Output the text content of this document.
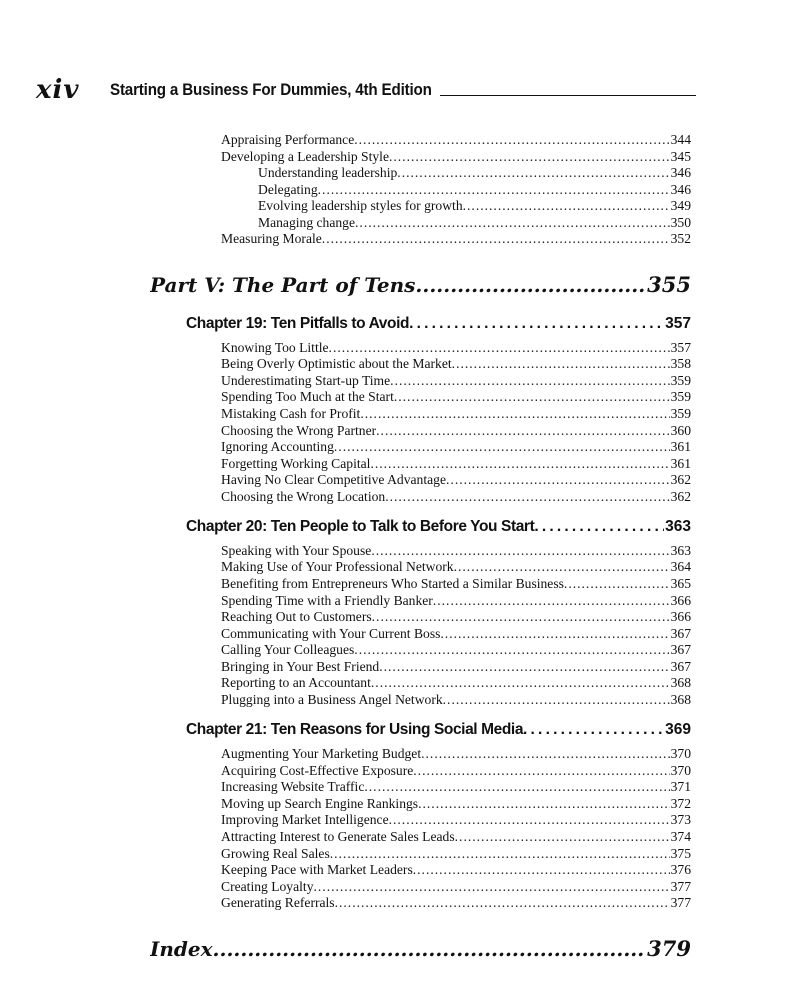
xiv Starting a Business For Dummies, 4th Edition
Appraising Performance .....	344
Developing a Leadership Style .....	345
Understanding leadership .....	346
Delegating .....	346
Evolving leadership styles for growth .....	349
Managing change .....	350
Measuring Morale .....	352
Part V: The Part of Tens .....	355
Chapter 19: Ten Pitfalls to Avoid .....	357
Knowing Too Little .....	357
Being Overly Optimistic about the Market .....	358
Underestimating Start-up Time .....	359
Spending Too Much at the Start .....	359
Mistaking Cash for Profit .....	359
Choosing the Wrong Partner .....	360
Ignoring Accounting .....	361
Forgetting Working Capital .....	361
Having No Clear Competitive Advantage .....	362
Choosing the Wrong Location .....	362
Chapter 20: Ten People to Talk to Before You Start .....	363
Speaking with Your Spouse .....	363
Making Use of Your Professional Network .....	364
Benefiting from Entrepreneurs Who Started a Similar Business .....	365
Spending Time with a Friendly Banker .....	366
Reaching Out to Customers .....	366
Communicating with Your Current Boss .....	367
Calling Your Colleagues .....	367
Bringing in Your Best Friend .....	367
Reporting to an Accountant .....	368
Plugging into a Business Angel Network .....	368
Chapter 21: Ten Reasons for Using Social Media .....	369
Augmenting Your Marketing Budget .....	370
Acquiring Cost-Effective Exposure .....	370
Increasing Website Traffic .....	371
Moving up Search Engine Rankings .....	372
Improving Market Intelligence .....	373
Attracting Interest to Generate Sales Leads .....	374
Growing Real Sales .....	375
Keeping Pace with Market Leaders .....	376
Creating Loyalty .....	377
Generating Referrals .....	377
Index .....	379
